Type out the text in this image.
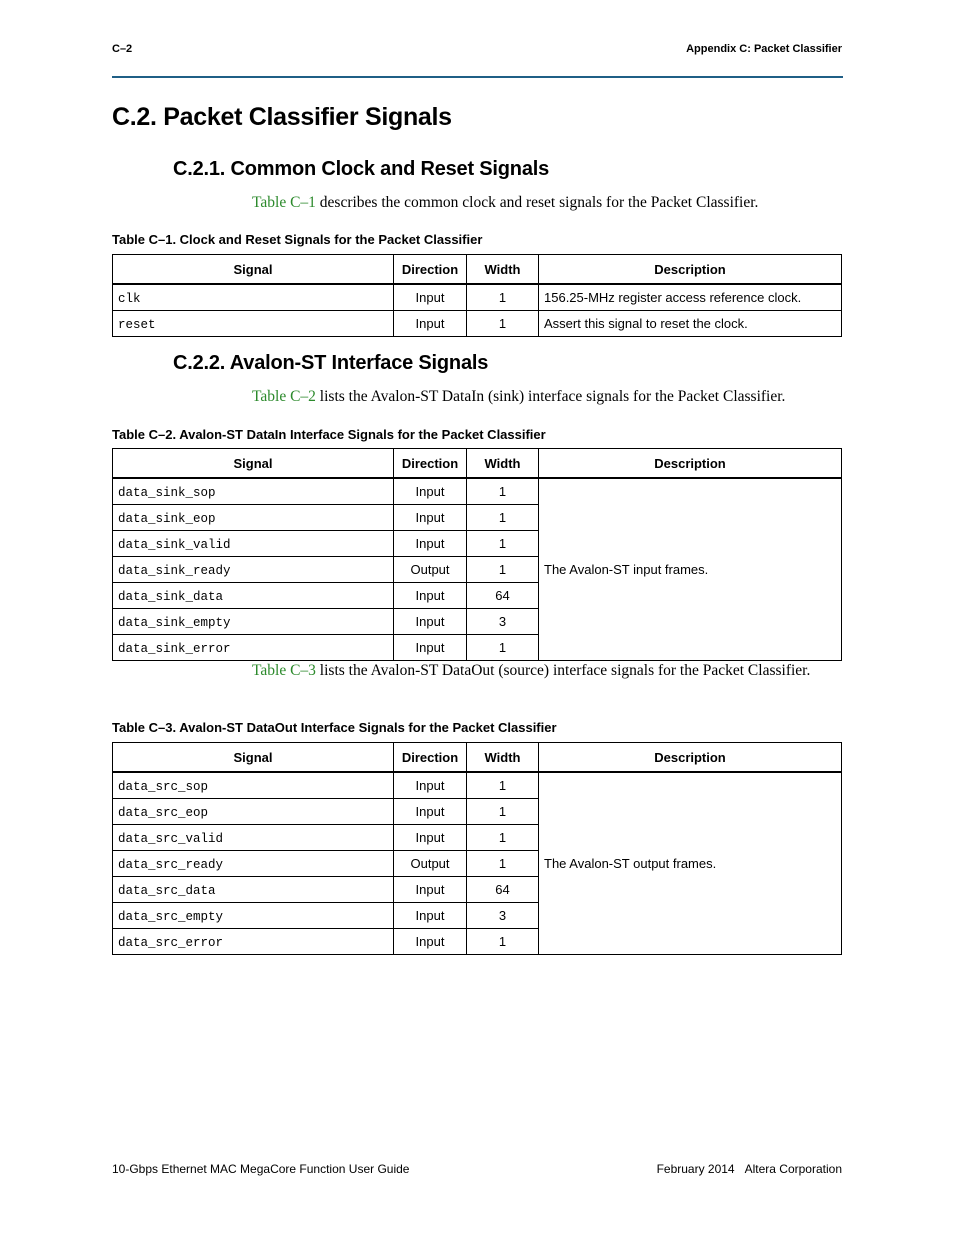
C–2	Appendix C: Packet Classifier
C.2. Packet Classifier Signals
C.2.1. Common Clock and Reset Signals
Table C–1 describes the common clock and reset signals for the Packet Classifier.
Table C–1. Clock and Reset Signals for the Packet Classifier
Signal	Direction	Width	Description
clk	Input	1	156.25-MHz register access reference clock.
reset	Input	1	Assert this signal to reset the clock.
C.2.2. Avalon-ST Interface Signals
Table C–2 lists the Avalon-ST DataIn (sink) interface signals for the Packet Classifier.
Table C–2. Avalon-ST DataIn Interface Signals for the Packet Classifier
Signal	Direction	Width	Description
data_sink_sop	Input	1	The Avalon-ST input frames.
data_sink_eop	Input	1	
data_sink_valid	Input	1	
data_sink_ready	Output	1	
data_sink_data	Input	64	
data_sink_empty	Input	3	
data_sink_error	Input	1	
Table C–3 lists the Avalon-ST DataOut (source) interface signals for the Packet Classifier.
Table C–3. Avalon-ST DataOut Interface Signals for the Packet Classifier
Signal	Direction	Width	Description
data_src_sop	Input	1	The Avalon-ST output frames.
data_src_eop	Input	1	
data_src_valid	Input	1	
data_src_ready	Output	1	
data_src_data	Input	64	
data_src_empty	Input	3	
data_src_error	Input	1	
10-Gbps Ethernet MAC MegaCore Function User Guide	February 2014 Altera Corporation
